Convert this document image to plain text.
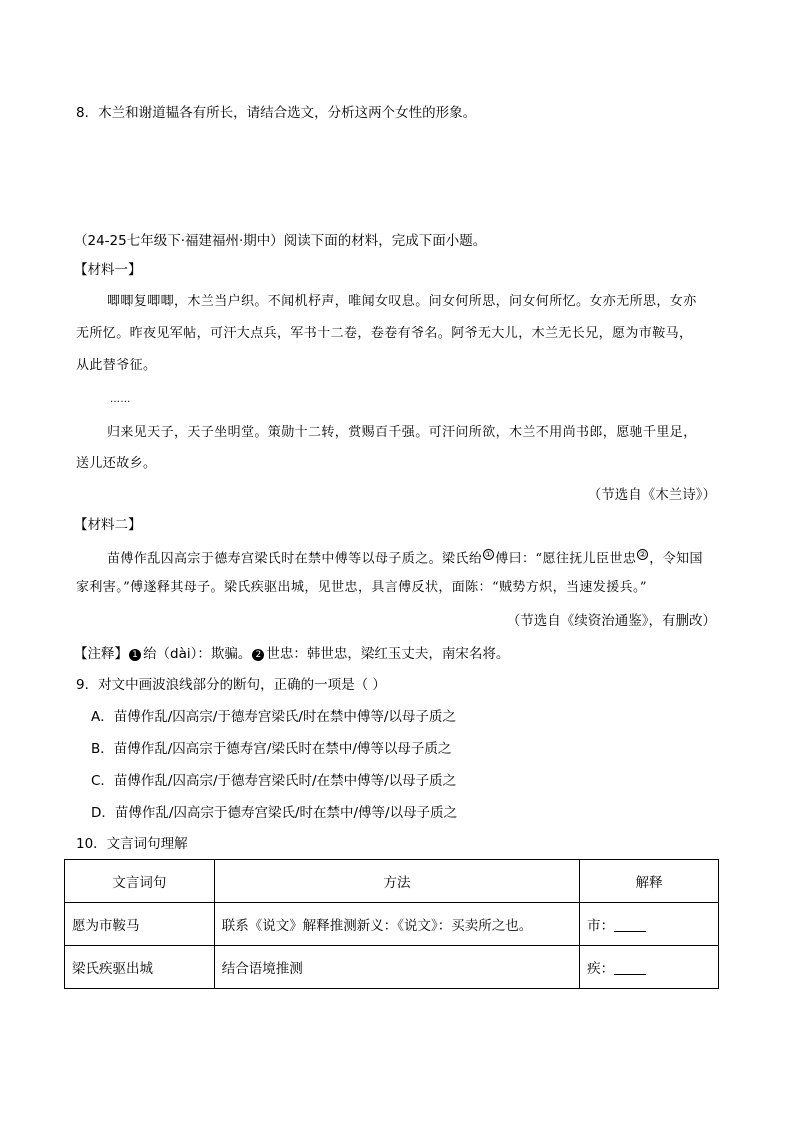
8．木兰和谢道韫各有所长，请结合选文，分析这两个女性的形象。
（24-25七年级下·福建福州·期中）阅读下面的材料，完成下面小题。
【材料一】
唧唧复唧唧，木兰当户织。不闻机杼声，唯闻女叹息。问女何所思，问女何所忆。女亦无所思，女亦
无所忆。昨夜见军帖，可汗大点兵，军书十二卷，卷卷有爷名。阿爷无大儿，木兰无长兄，愿为市鞍马，
从此替爷征。
……
归来见天子，天子坐明堂。策勋十二转，赏赐百千强。可汗问所欲，木兰不用尚书郎，愿驰千里足，
送儿还故乡。
（节选自《木兰诗》）
【材料二】
苗傅作乱囚高宗于德寿宫梁氏时在禁中傅等以母子质之。梁氏绐 ① 傅曰：“愿往抚儿臣世忠 ② ，令知国
家利害。”傅遂释其母子。梁氏疾驱出城，见世忠，具言傅反状，面陈：“贼势方炽，当速发援兵。”
（节选自《续资治通鉴》，有删改）
【注释】 1 绐（dài）：欺骗。 2 世忠：韩世忠，梁红玉丈夫，南宋名将。
9．对文中画波浪线部分的断句，正确的一项是（ ）
A．苗傅作乱/囚高宗/于德寿宫梁氏/时在禁中傅等/以母子质之
B．苗傅作乱/囚高宗于德寿宫/梁氏时在禁中/傅等以母子质之
C．苗傅作乱/囚高宗/于德寿宫梁氏时/在禁中傅等/以母子质之
D．苗傅作乱/囚高宗于德寿宫梁氏/时在禁中/傅等/以母子质之
10．文言词句理解
文言词句	方法	解释
愿为市鞍马	联系《说文》解释推测新义：《说文》：买卖所之也。	市：
梁氏疾驱出城	结合语境推测	疾：
